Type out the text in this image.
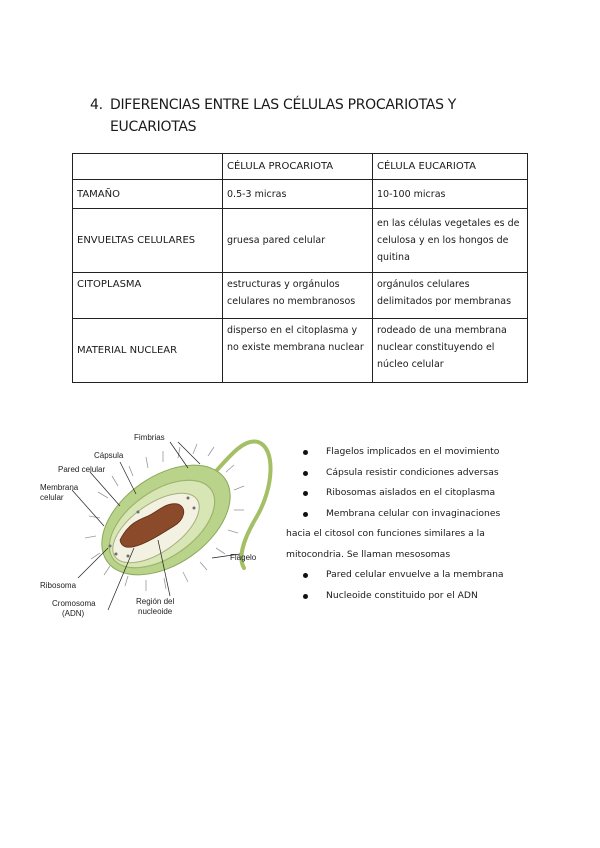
4. DIFERENCIAS ENTRE LAS CÉLULAS PROCARIOTAS Y
EUCARIOTAS
	CÉLULA PROCARIOTA	CÉLULA EUCARIOTA
TAMAÑO	0.5-3 micras	10-100 micras
ENVUELTAS CELULARES	gruesa pared celular	en las células vegetales es de celulosa y en los hongos de quitina
CITOPLASMA	estructuras y orgánulos celulares no membranosos	orgánulos celulares delimitados por membranas
MATERIAL NUCLEAR	disperso en el citoplasma y no existe membrana nuclear	rodeado de una membrana nuclear constituyendo el núcleo celular
Fimbrias
Cápsula
Pared celular
Membrana
celular
Flagelo
Ribosoma
Cromosoma
(ADN)
Región del
nucleoide
Flagelos implicados en el movimiento
Cápsula resistir condiciones adversas
Ribosomas aislados en el citoplasma
Membrana celular con invaginaciones
hacia el citosol con funciones similares a la
mitocondria. Se llaman mesosomas
Pared celular envuelve a la membrana
Nucleoide constituido por el ADN
